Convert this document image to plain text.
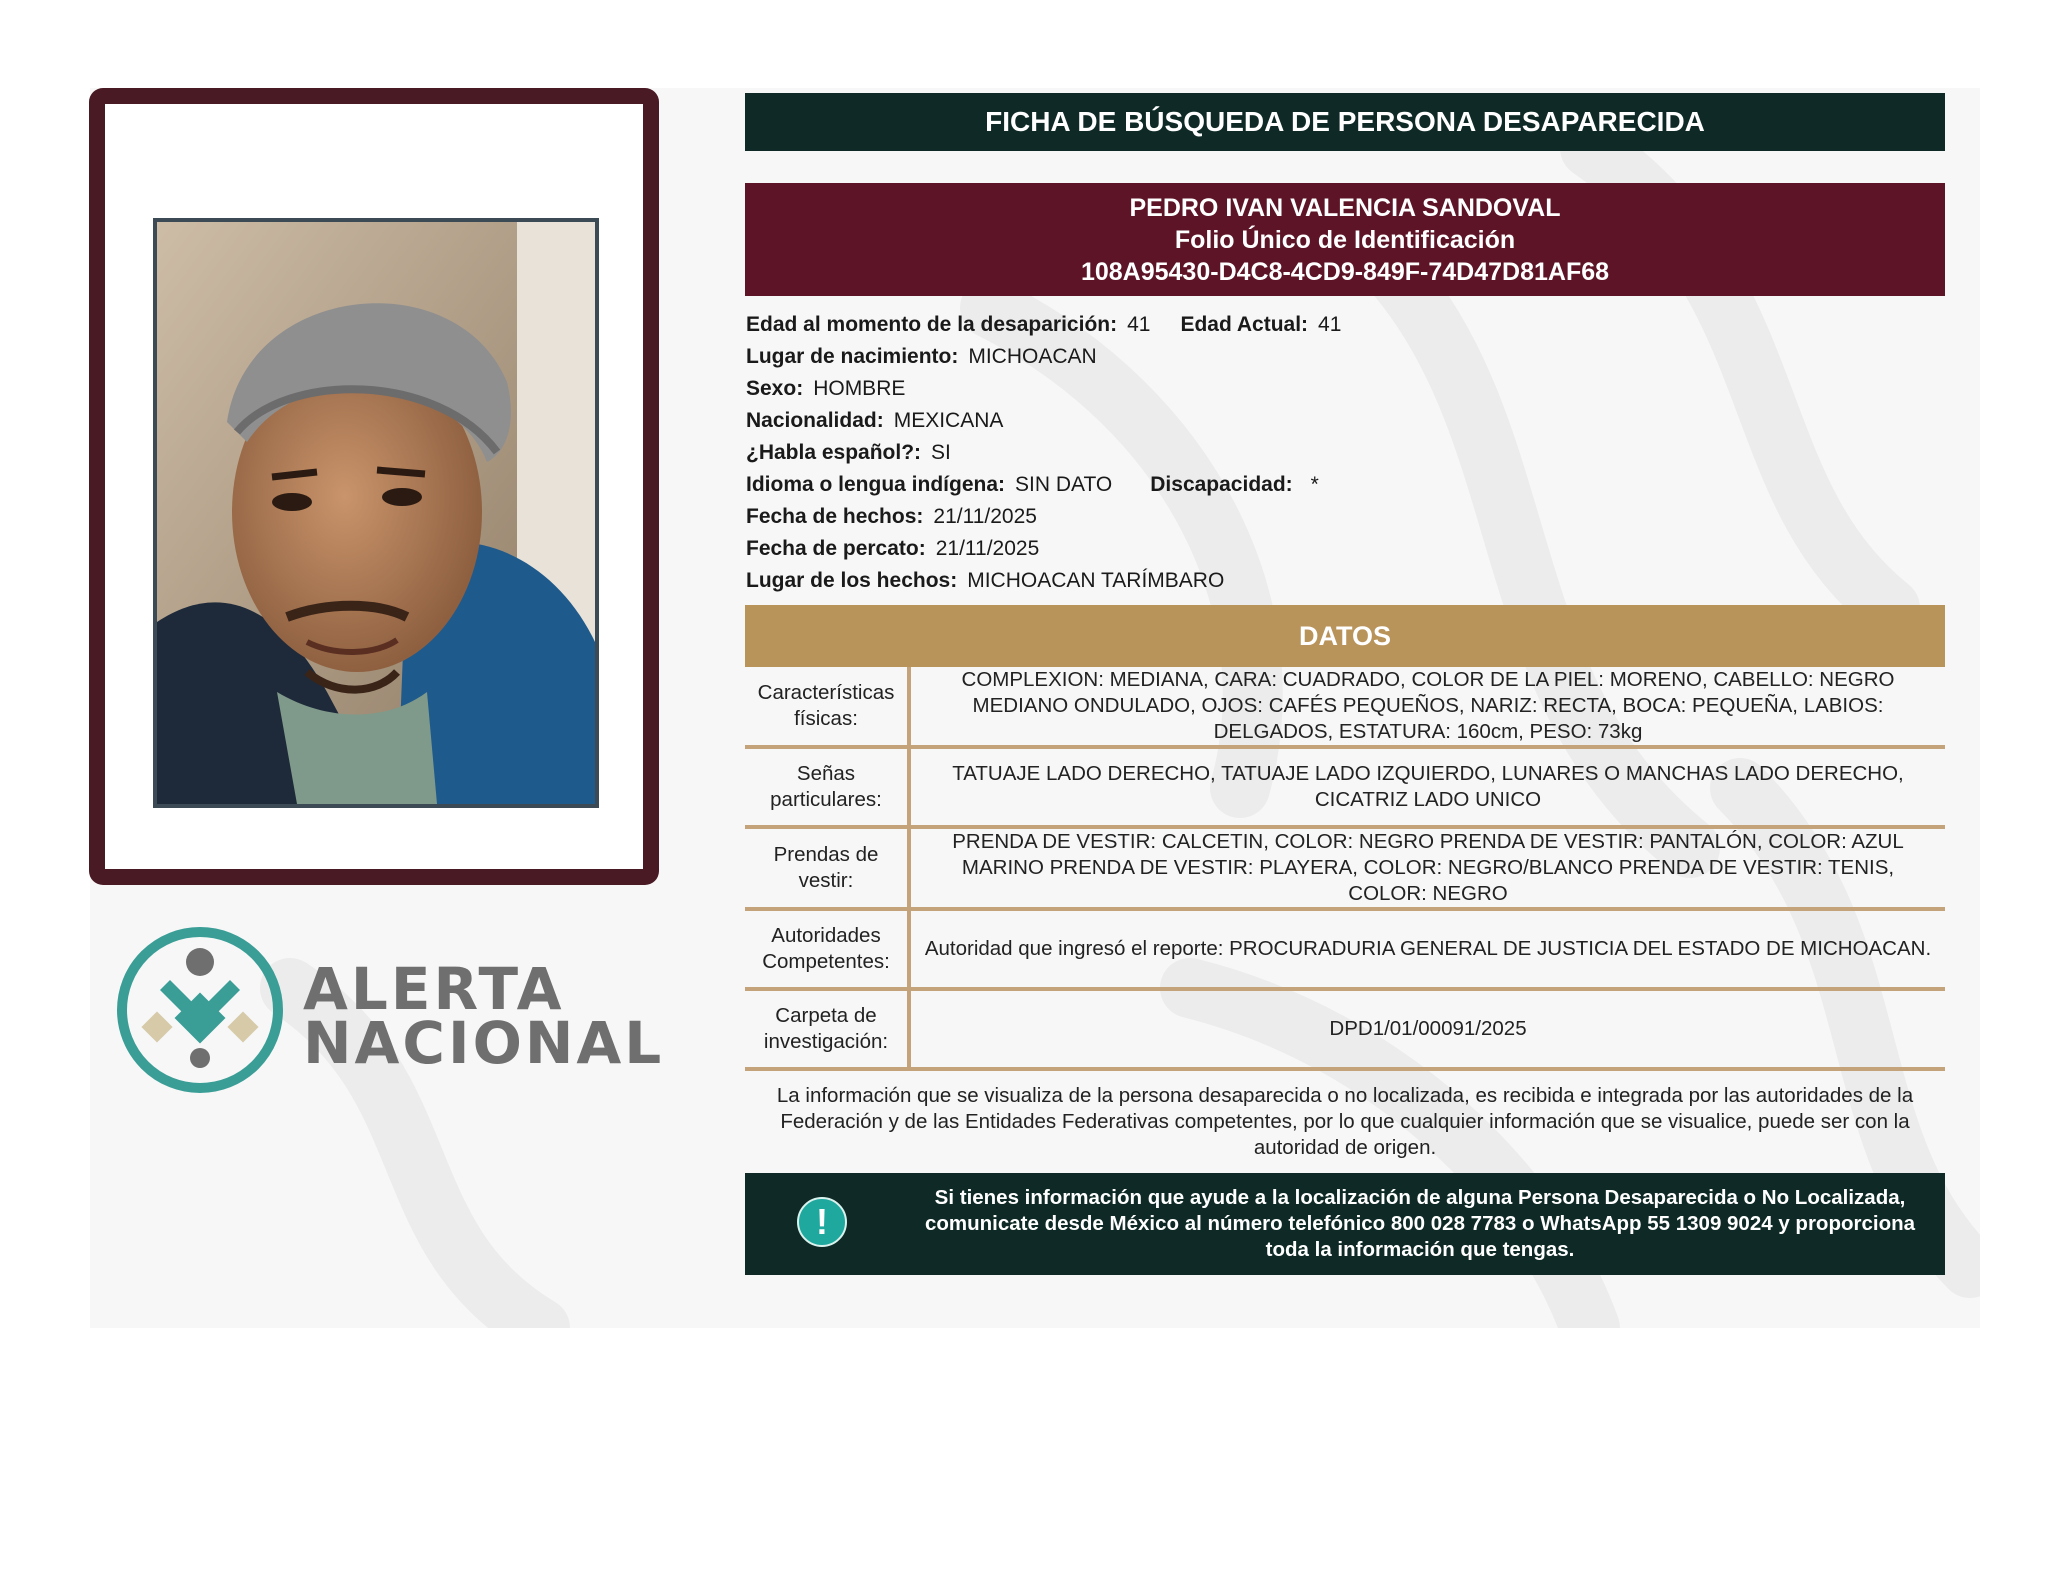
ALERTA
NACIONAL
FICHA DE BÚSQUEDA DE PERSONA DESAPARECIDA
PEDRO IVAN VALENCIA SANDOVAL
Folio Único de Identificación
108A95430-D4C8-4CD9-849F-74D47D81AF68
Edad al momento de la desaparición: 41 Edad Actual: 41
Lugar de nacimiento: MICHOACAN
Sexo: HOMBRE
Nacionalidad: MEXICANA
¿Habla español?: SI
Idioma o lengua indígena: SIN DATO Discapacidad: *
Fecha de hechos: 21/11/2025
Fecha de percato: 21/11/2025
Lugar de los hechos: MICHOACAN TARÍMBARO
DATOS
Características físicas:	COMPLEXION: MEDIANA, CARA: CUADRADO, COLOR DE LA PIEL: MORENO, CABELLO: NEGRO MEDIANO ONDULADO, OJOS: CAFÉS PEQUEÑOS, NARIZ: RECTA, BOCA: PEQUEÑA, LABIOS: DELGADOS, ESTATURA: 160cm, PESO: 73kg
Señas particulares:	TATUAJE LADO DERECHO, TATUAJE LADO IZQUIERDO, LUNARES O MANCHAS LADO DERECHO, CICATRIZ LADO UNICO
Prendas de vestir:	PRENDA DE VESTIR: CALCETIN, COLOR: NEGRO PRENDA DE VESTIR: PANTALÓN, COLOR: AZUL MARINO PRENDA DE VESTIR: PLAYERA, COLOR: NEGRO/BLANCO PRENDA DE VESTIR: TENIS, COLOR: NEGRO
Autoridades Competentes:	Autoridad que ingresó el reporte: PROCURADURIA GENERAL DE JUSTICIA DEL ESTADO DE MICHOACAN.
Carpeta de investigación:	DPD1/01/00091/2025
La información que se visualiza de la persona desaparecida o no localizada, es recibida e integrada por las autoridades de la Federación y de las Entidades Federativas competentes, por lo que cualquier información que se visualice, puede ser con la autoridad de origen.
!
Si tienes información que ayude a la localización de alguna Persona Desaparecida o No Localizada, comunicate desde México al número telefónico 800 028 7783 o WhatsApp 55 1309 9024 y proporciona toda la información que tengas.
